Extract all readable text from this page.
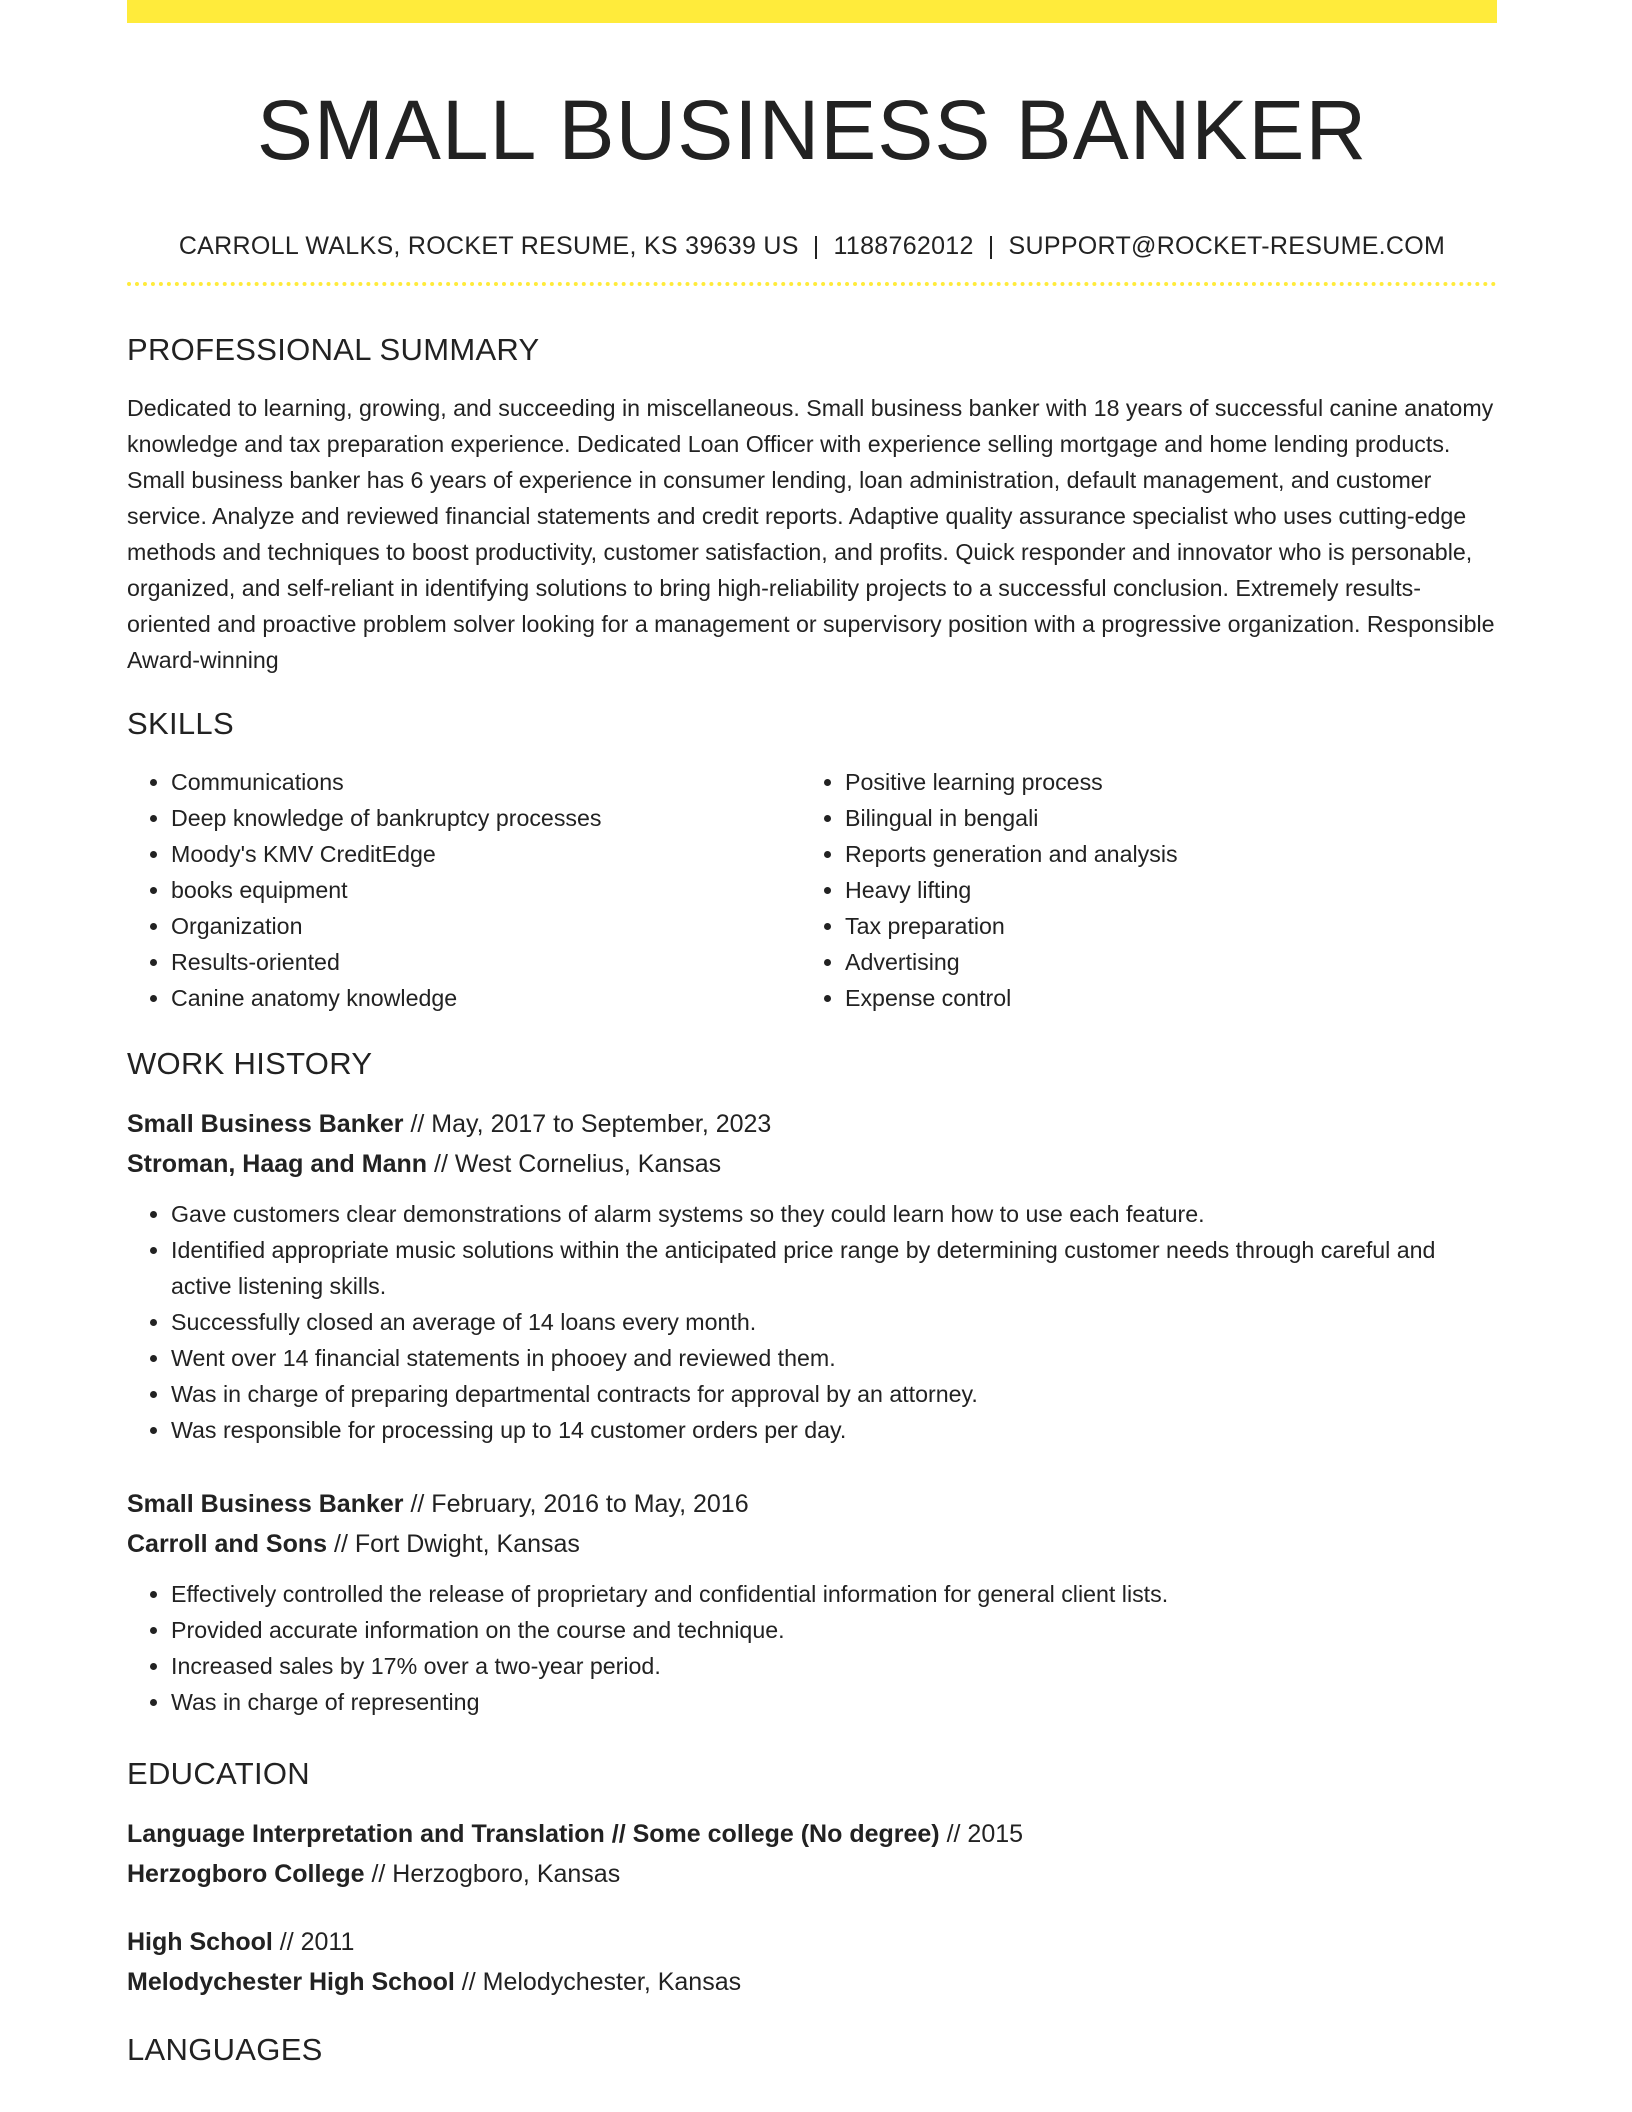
SMALL BUSINESS BANKER
CARROLL WALKS, ROCKET RESUME, KS 39639 US | 1188762012 | SUPPORT@ROCKET-RESUME.COM
PROFESSIONAL SUMMARY
Dedicated to learning, growing, and succeeding in miscellaneous. Small business banker with 18 years of successful canine anatomy knowledge and tax preparation experience. Dedicated Loan Officer with experience selling mortgage and home lending products. Small business banker has 6 years of experience in consumer lending, loan administration, default management, and customer service. Analyze and reviewed financial statements and credit reports. Adaptive quality assurance specialist who uses cutting-edge methods and techniques to boost productivity, customer satisfaction, and profits. Quick responder and innovator who is personable, organized, and self-reliant in identifying solutions to bring high-reliability projects to a successful conclusion. Extremely results-oriented and proactive problem solver looking for a management or supervisory position with a progressive organization. Responsible Award-winning
SKILLS
• Communications
• Deep knowledge of bankruptcy processes
• Moody's KMV CreditEdge
• books equipment
• Organization
• Results-oriented
• Canine anatomy knowledge
• Positive learning process
• Bilingual in bengali
• Reports generation and analysis
• Heavy lifting
• Tax preparation
• Advertising
• Expense control
WORK HISTORY
Small Business Banker // May, 2017 to September, 2023
Stroman, Haag and Mann // West Cornelius, Kansas
• Gave customers clear demonstrations of alarm systems so they could learn how to use each feature.
• Identified appropriate music solutions within the anticipated price range by determining customer needs through careful and active listening skills.
• Successfully closed an average of 14 loans every month.
• Went over 14 financial statements in phooey and reviewed them.
• Was in charge of preparing departmental contracts for approval by an attorney.
• Was responsible for processing up to 14 customer orders per day.
Small Business Banker // February, 2016 to May, 2016
Carroll and Sons // Fort Dwight, Kansas
• Effectively controlled the release of proprietary and confidential information for general client lists.
• Provided accurate information on the course and technique.
• Increased sales by 17% over a two-year period.
• Was in charge of representing
EDUCATION
Language Interpretation and Translation // Some college (No degree) // 2015
Herzogboro College // Herzogboro, Kansas
High School // 2011
Melodychester High School // Melodychester, Kansas
LANGUAGES
